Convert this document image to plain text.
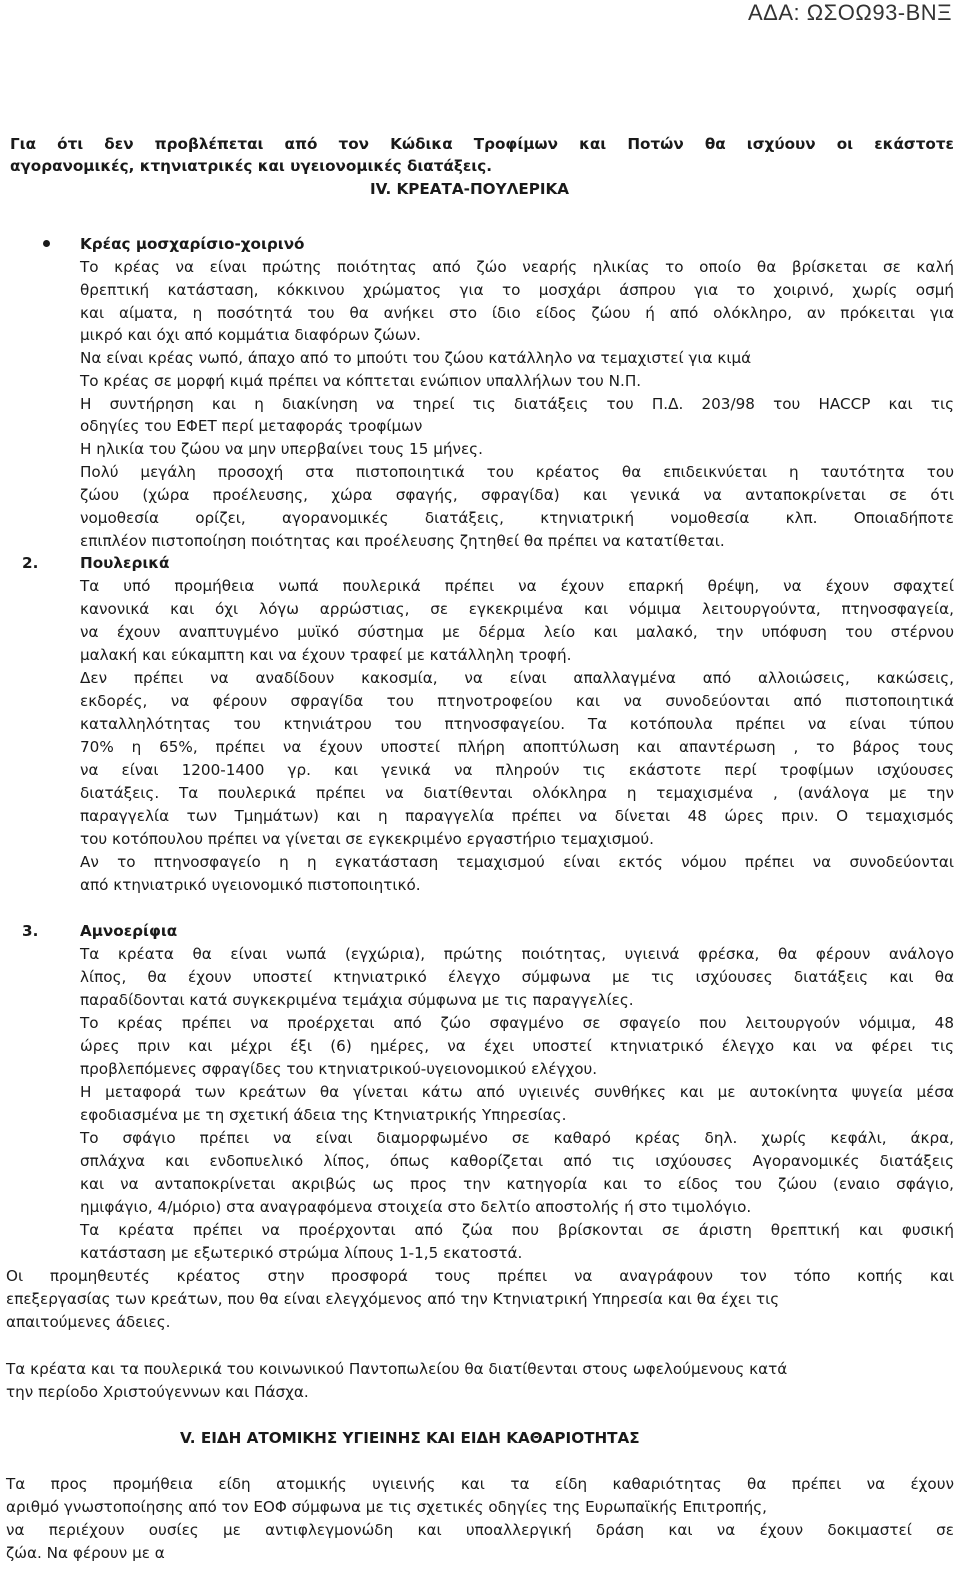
ΑΔΑ: ΩΣΟΩ93-ΒΝΞ
Για ότι δεν προβλέπεται από τον Κώδικα Τροφίμων και Ποτών θα ισχύουν οι εκάστοτε
αγορανομικές, κτηνιατρικές και υγειονομικές διατάξεις.
IV. ΚΡΕΑΤΑ-ΠΟΥΛΕΡΙΚΑ
Κρέας μοσχαρίσιο-χοιρινό
Το κρέας να είναι πρώτης ποιότητας από ζώο νεαρής ηλικίας το οποίο θα βρίσκεται σε καλή
θρεπτική κατάσταση, κόκκινου χρώματος για το μοσχάρι άσπρου για το χοιρινό, χωρίς οσμή
και αίματα, η ποσότητά του θα ανήκει στο ίδιο είδος ζώου ή από ολόκληρο, αν πρόκειται για
μικρό και όχι από κομμάτια διαφόρων ζώων.
Να είναι κρέας νωπό, άπαχο από το μπούτι του ζώου κατάλληλο να τεμαχιστεί για κιμά
Το κρέας σε μορφή κιμά πρέπει να κόπτεται ενώπιον υπαλλήλων του Ν.Π.
Η συντήρηση και η διακίνηση να τηρεί τις διατάξεις του Π.Δ. 203/98 του HACCP και τις
οδηγίες του ΕΦΕΤ περί μεταφοράς τροφίμων
Η ηλικία του ζώου να μην υπερβαίνει τους 15 μήνες.
Πολύ μεγάλη προσοχή στα πιστοποιητικά του κρέατος θα επιδεικνύεται η ταυτότητα του
ζώου (χώρα προέλευσης, χώρα σφαγής, σφραγίδα) και γενικά να ανταποκρίνεται σε ότι
νομοθεσία ορίζει, αγορανομικές διατάξεις, κτηνιατρική νομοθεσία κλπ. Οποιαδήποτε
επιπλέον πιστοποίηση ποιότητας και προέλευσης ζητηθεί θα πρέπει να κατατίθεται.
2.	Πουλερικά
Τα υπό προμήθεια νωπά πουλερικά πρέπει να έχουν επαρκή θρέψη, να έχουν σφαχτεί
κανονικά και όχι λόγω αρρώστιας, σε εγκεκριμένα και νόμιμα λειτουργούντα, πτηνοσφαγεία,
να έχουν αναπτυγμένο μυϊκό σύστημα με δέρμα λείο και μαλακό, την υπόφυση του στέρνου
μαλακή και εύκαμπτη και να έχουν τραφεί με κατάλληλη τροφή.
Δεν πρέπει να αναδίδουν κακοσμία, να είναι απαλλαγμένα από αλλοιώσεις, κακώσεις,
εκδορές, να φέρουν σφραγίδα του πτηνοτροφείου και να συνοδεύονται από πιστοποιητικά
καταλληλότητας του κτηνιάτρου του πτηνοσφαγείου. Τα κοτόπουλα πρέπει να είναι τύπου
70% η 65%, πρέπει να έχουν υποστεί πλήρη αποπτύλωση και απαντέρωση , το βάρος τους
να είναι 1200-1400 γρ. και γενικά να πληρούν τις εκάστοτε περί τροφίμων ισχύουσες
διατάξεις. Τα πουλερικά πρέπει να διατίθενται ολόκληρα η τεμαχισμένα , (ανάλογα με την
παραγγελία των Τμημάτων) και η παραγγελία πρέπει να δίνεται 48 ώρες πριν. Ο τεμαχισμός
του κοτόπουλου πρέπει να γίνεται σε εγκεκριμένο εργαστήριο τεμαχισμού.
Αν το πτηνοσφαγείο η η εγκατάσταση τεμαχισμού είναι εκτός νόμου πρέπει να συνοδεύονται
από κτηνιατρικό υγειονομικό πιστοποιητικό.
3.	Αμνοερίφια
Τα κρέατα θα είναι νωπά (εγχώρια), πρώτης ποιότητας, υγιεινά φρέσκα, θα φέρουν ανάλογο
λίπος, θα έχουν υποστεί κτηνιατρικό έλεγχο σύμφωνα με τις ισχύουσες διατάξεις και θα
παραδίδονται κατά συγκεκριμένα τεμάχια σύμφωνα με τις παραγγελίες.
Το κρέας πρέπει να προέρχεται από ζώο σφαγμένο σε σφαγείο που λειτουργούν νόμιμα, 48
ώρες πριν και μέχρι έξι (6) ημέρες, να έχει υποστεί κτηνιατρικό έλεγχο και να φέρει τις
προβλεπόμενες σφραγίδες του κτηνιατρικού-υγειονομικού ελέγχου.
Η μεταφορά των κρεάτων θα γίνεται κάτω από υγιεινές συνθήκες και με αυτοκίνητα ψυγεία μέσα
εφοδιασμένα με τη σχετική άδεια της Κτηνιατρικής Υπηρεσίας.
Το σφάγιο πρέπει να είναι διαμορφωμένο σε καθαρό κρέας δηλ. χωρίς κεφάλι, άκρα,
σπλάχνα και ενδοπυελικό λίπος, όπως καθορίζεται από τις ισχύουσες Αγορανομικές διατάξεις
και να ανταποκρίνεται ακριβώς ως προς την κατηγορία και το είδος του ζώου (εναιο σφάγιο,
ημιφάγιο, 4/μόριο) στα αναγραφόμενα στοιχεία στο δελτίο αποστολής ή στο τιμολόγιο.
Τα κρέατα πρέπει να προέρχονται από ζώα που βρίσκονται σε άριστη θρεπτική και φυσική
κατάσταση με εξωτερικό στρώμα λίπους 1-1,5 εκατοστά.
Οι προμηθευτές κρέατος στην προσφορά τους πρέπει να αναγράφουν τον τόπο κοπής και
επεξεργασίας των κρεάτων, που θα είναι ελεγχόμενος από την Κτηνιατρική Υπηρεσία και θα έχει τις
απαιτούμενες άδειες.
Τα κρέατα και τα πουλερικά του κοινωνικού Παντοπωλείου θα διατίθενται στους ωφελούμενους κατά
την περίοδο Χριστούγεννων και Πάσχα.
V. ΕΙΔΗ ΑΤΟΜΙΚΗΣ ΥΓΙΕΙΝΗΣ ΚΑΙ ΕΙΔΗ ΚΑΘΑΡΙΟΤΗΤΑΣ
Τα προς προμήθεια είδη ατομικής υγιεινής και τα είδη καθαριότητας θα πρέπει να έχουν
αριθμό γνωστοποίησης από τον ΕΟΦ σύμφωνα με τις σχετικές οδηγίες της Ευρωπαϊκής Επιτροπής,
να περιέχουν ουσίες με αντιφλεγμονώδη και υποαλλεργική δράση και να έχουν δοκιμαστεί σε
ζώα. Να φέρουν με α
